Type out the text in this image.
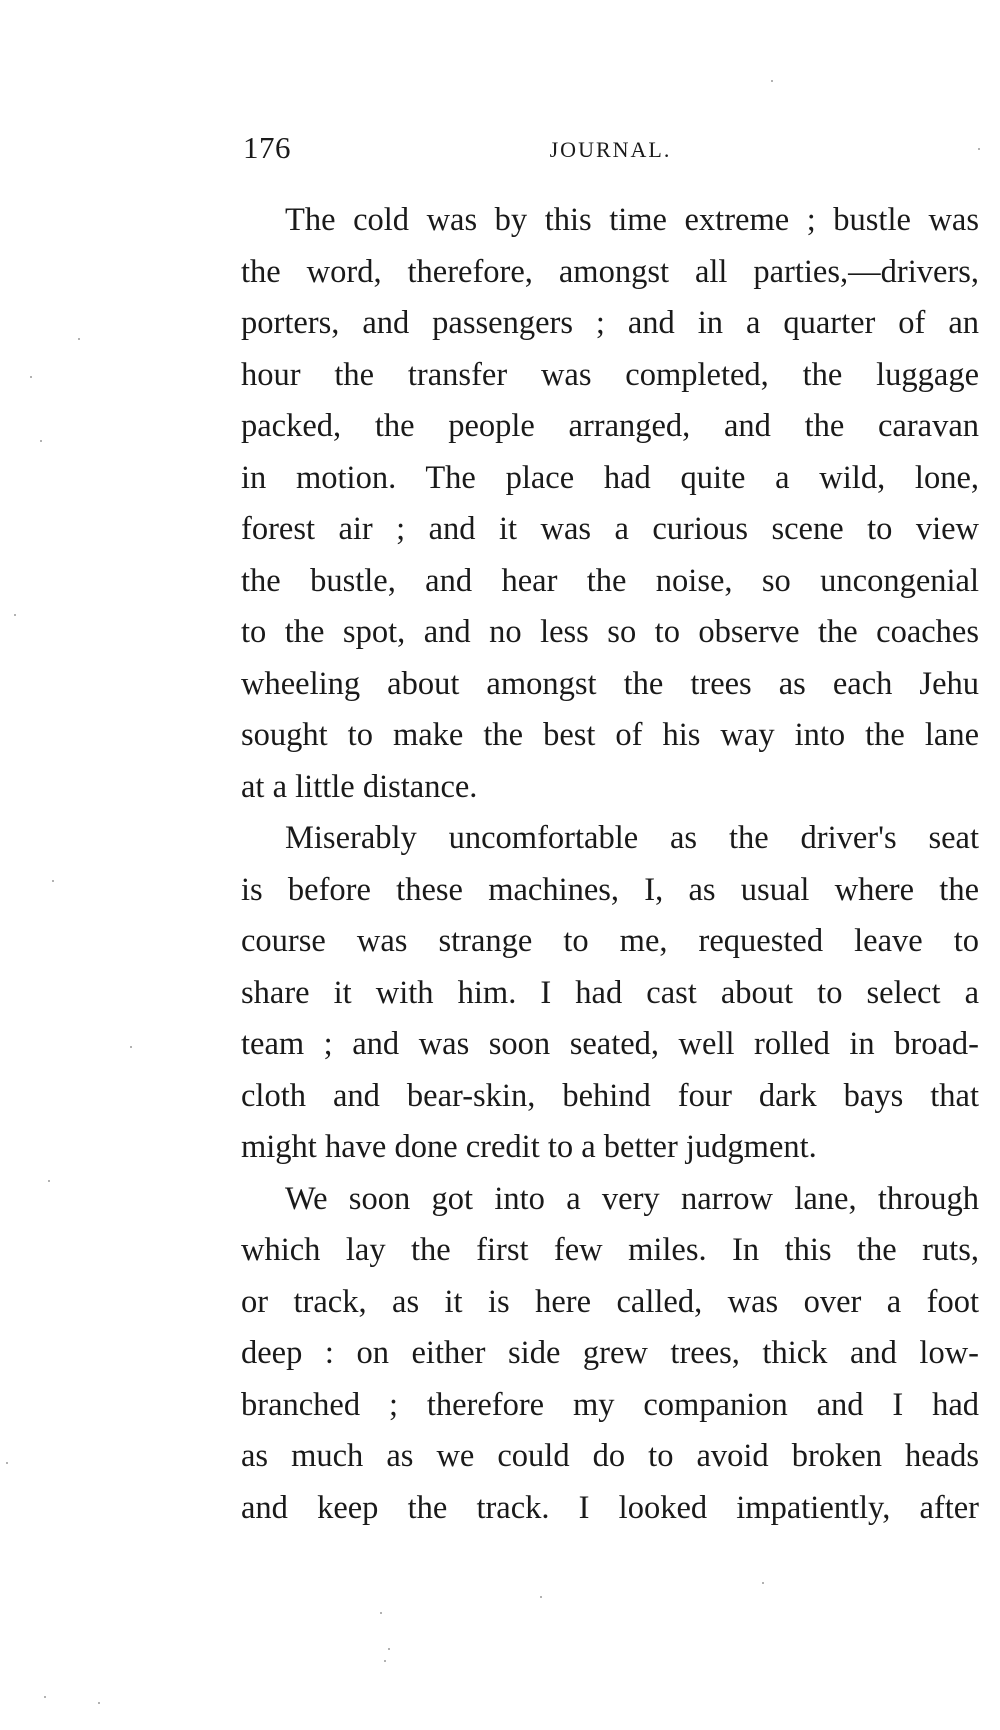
176	JOURNAL.

The cold was by this time extreme ; bustle was
the word, therefore, amongst all parties,—drivers,
porters, and passengers ; and in a quarter of an
hour the transfer was completed, the luggage
packed, the people arranged, and the caravan
in motion. The place had quite a wild, lone,
forest air ; and it was a curious scene to view
the bustle, and hear the noise, so uncongenial
to the spot, and no less so to observe the coaches
wheeling about amongst the trees as each Jehu
sought to make the best of his way into the lane
at a little distance.

Miserably uncomfortable as the driver's seat
is before these machines, I, as usual where the
course was strange to me, requested leave to
share it with him. I had cast about to select a
team ; and was soon seated, well rolled in broad-
cloth and bear-skin, behind four dark bays that
might have done credit to a better judgment.

We soon got into a very narrow lane, through
which lay the first few miles. In this the ruts,
or track, as it is here called, was over a foot
deep : on either side grew trees, thick and low-
branched ; therefore my companion and I had
as much as we could do to avoid broken heads
and keep the track. I looked impatiently, after
